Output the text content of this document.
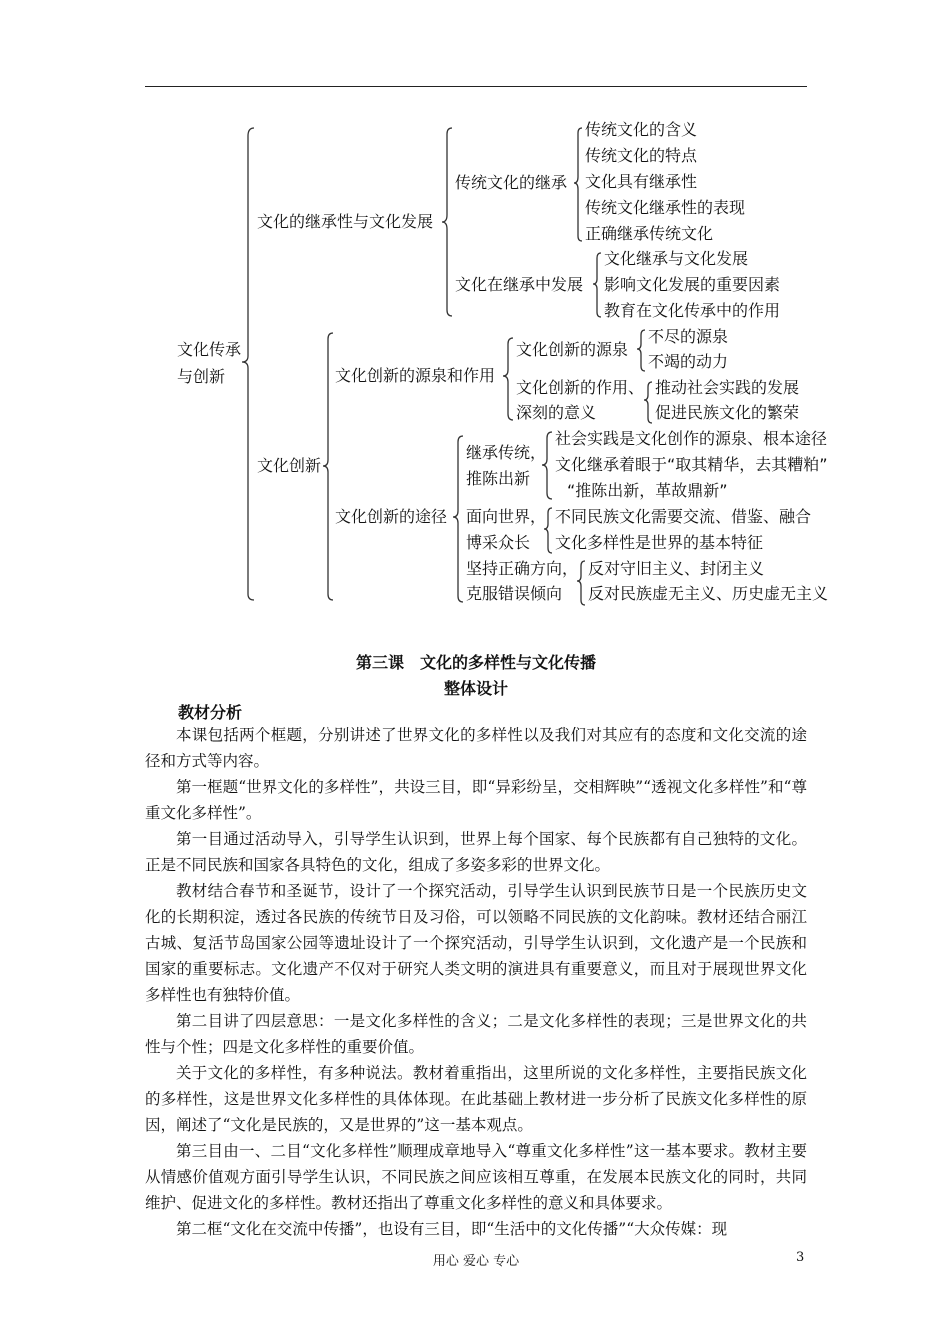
文化传承
与创新
文化的继承性与文化发展
传统文化的继承
传统文化的含义
传统文化的特点
文化具有继承性
传统文化继承性的表现
正确继承传统文化
文化在继承中发展
文化继承与文化发展
影响文化发展的重要因素
教育在文化传承中的作用
文化创新
文化创新的源泉和作用
文化创新的源泉
不尽的源泉
不竭的动力
文化创新的作用、
深刻的意义
推动社会实践的发展
促进民族文化的繁荣
文化创新的途径
继承传统，
推陈出新
社会实践是文化创作的源泉、根本途径
文化继承着眼于“取其精华，去其糟粕”
“推陈出新，革故鼎新”
面向世界，
博采众长
不同民族文化需要交流、借鉴、融合
文化多样性是世界的基本特征
坚持正确方向，
克服错误倾向
反对守旧主义、封闭主义
反对民族虚无主义、历史虚无主义
第三课　文化的多样性与文化传播
整体设计
教材分析

本课包括两个框题，分别讲述了世界文化的多样性以及我们对其应有的态度和文化交流的途径和方式等内容。

第一框题“世界文化的多样性”，共设三目，即“异彩纷呈，交相辉映”“透视文化多样性”和“尊重文化多样性”。

第一目通过活动导入，引导学生认识到，世界上每个国家、每个民族都有自己独特的文化。正是不同民族和国家各具特色的文化，组成了多姿多彩的世界文化。

教材结合春节和圣诞节，设计了一个探究活动，引导学生认识到民族节日是一个民族历史文化的长期积淀，透过各民族的传统节日及习俗，可以领略不同民族的文化韵味。教材还结合丽江古城、复活节岛国家公园等遗址设计了一个探究活动，引导学生认识到，文化遗产是一个民族和国家的重要标志。文化遗产不仅对于研究人类文明的演进具有重要意义，而且对于展现世界文化多样性也有独特价值。

第二目讲了四层意思：一是文化多样性的含义；二是文化多样性的表现；三是世界文化的共性与个性；四是文化多样性的重要价值。

关于文化的多样性，有多种说法。教材着重指出，这里所说的文化多样性，主要指民族文化的多样性，这是世界文化多样性的具体体现。在此基础上教材进一步分析了民族文化多样性的原因，阐述了“文化是民族的，又是世界的”这一基本观点。

第三目由一、二目“文化多样性”顺理成章地导入“尊重文化多样性”这一基本要求。教材主要从情感价值观方面引导学生认识，不同民族之间应该相互尊重，在发展本民族文化的同时，共同维护、促进文化的多样性。教材还指出了尊重文化多样性的意义和具体要求。

第二框“文化在交流中传播”，也设有三目，即“生活中的文化传播”“大众传媒：现

用心 爱心 专心	3
